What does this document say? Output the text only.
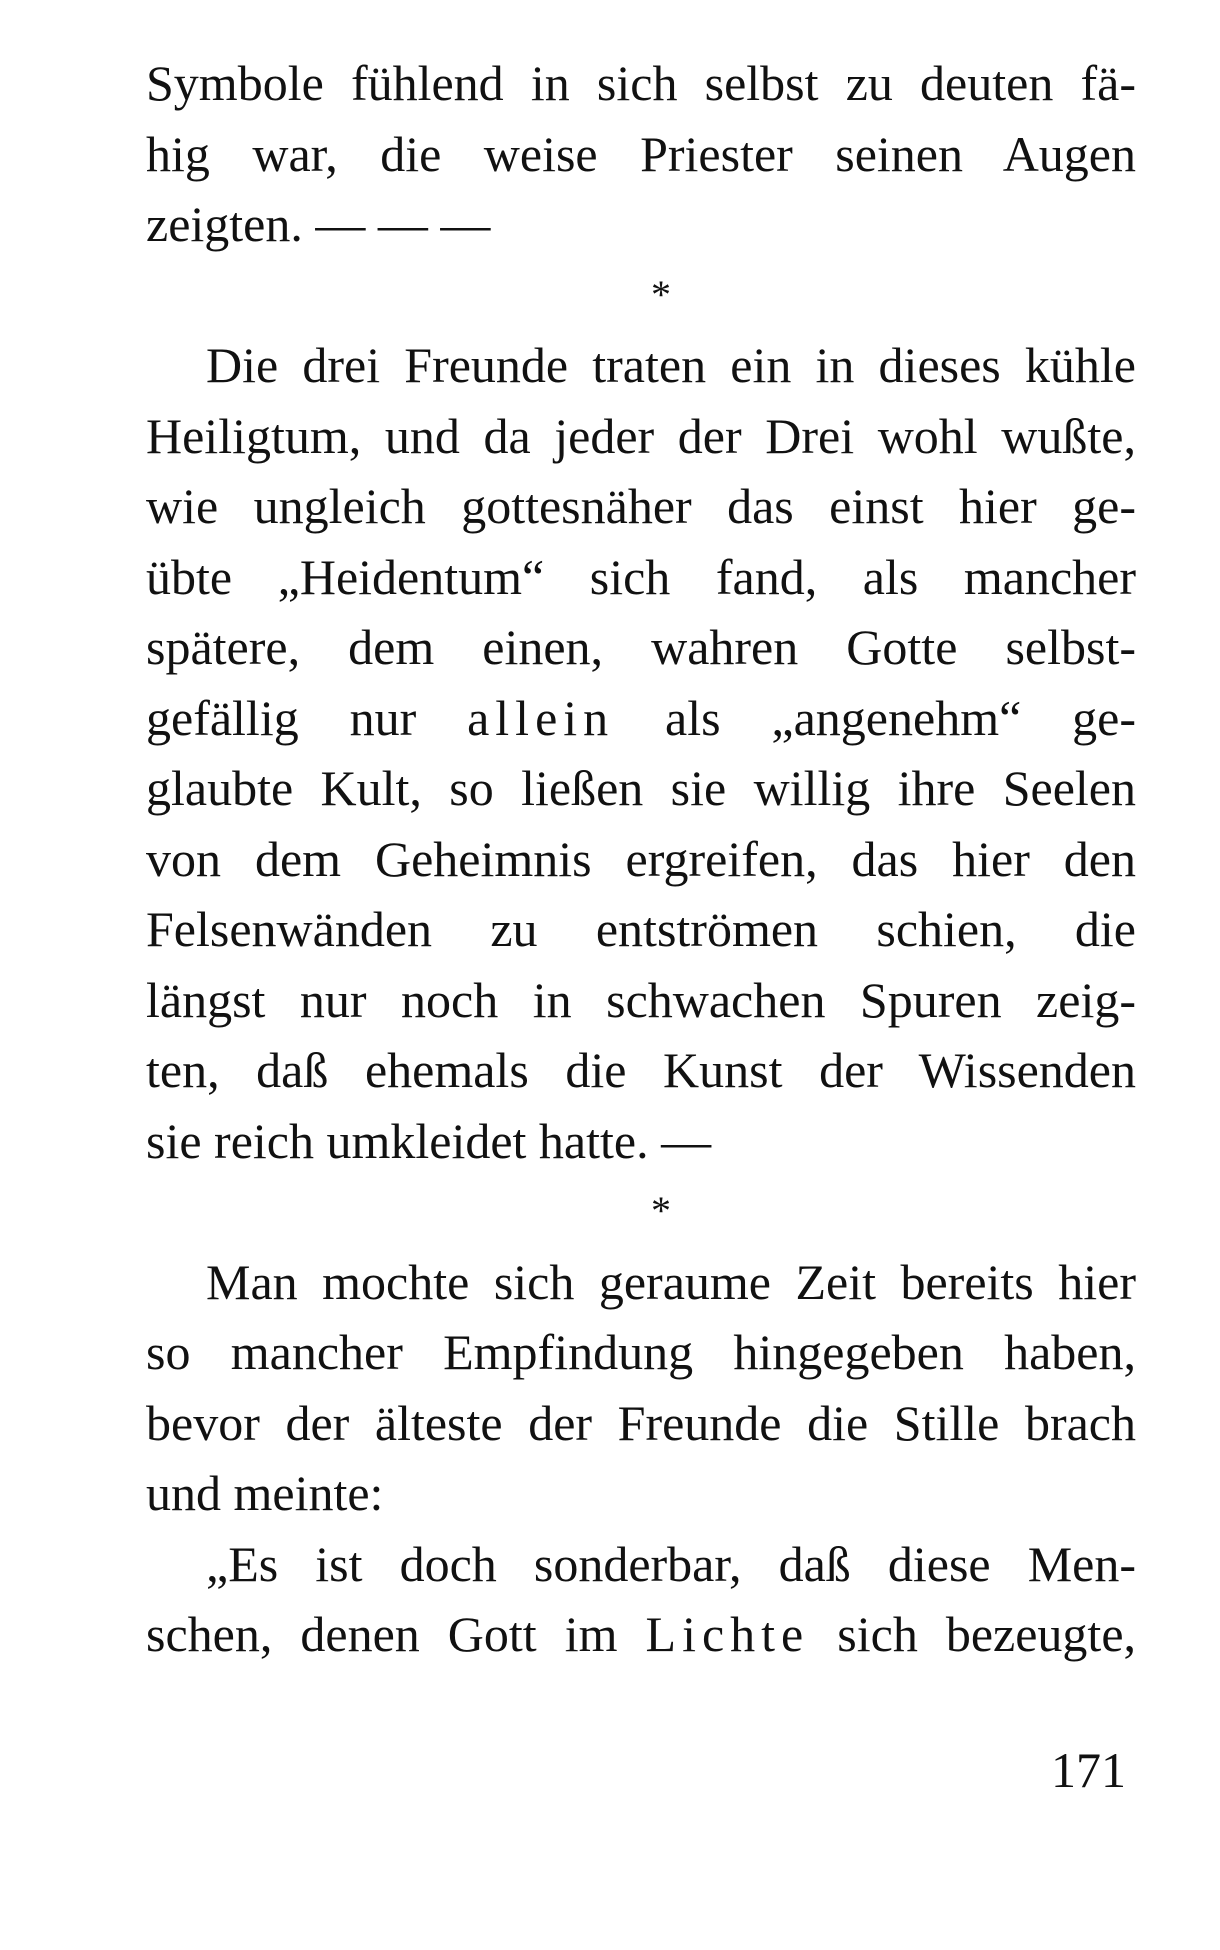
Symbole fühlend in sich selbst zu deuten fä-
hig war, die weise Priester seinen Augen
zeigten. — — —
*
Die drei Freunde traten ein in dieses kühle
Heiligtum, und da jeder der Drei wohl wußte,
wie ungleich gottesnäher das einst hier ge-
übte „Heidentum“ sich fand, als mancher
spätere, dem einen, wahren Gotte selbst-
gefällig nur allein als „angenehm“ ge-
glaubte Kult, so ließen sie willig ihre Seelen
von dem Geheimnis ergreifen, das hier den
Felsenwänden zu entströmen schien, die
längst nur noch in schwachen Spuren zeig-
ten, daß ehemals die Kunst der Wissenden
sie reich umkleidet hatte. —
*
Man mochte sich geraume Zeit bereits hier
so mancher Empfindung hingegeben haben,
bevor der älteste der Freunde die Stille brach
und meinte:
„Es ist doch sonderbar, daß diese Men-
schen, denen Gott im Lichte sich bezeugte,
171
